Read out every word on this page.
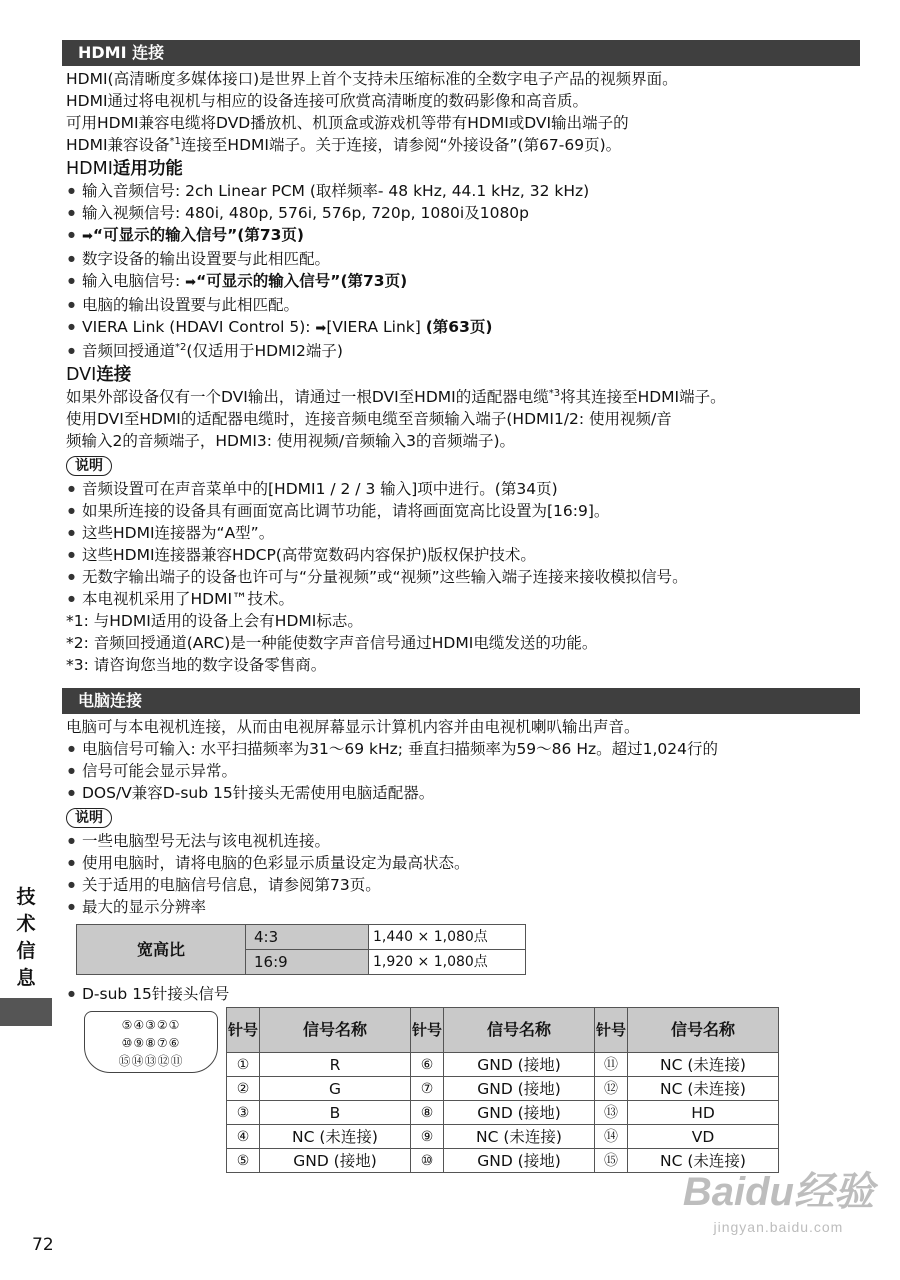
HDMI 连接

HDMI(高清晰度多媒体接口)是世界上首个支持未压缩标准的全数字电子产品的视频界面。

HDMI通过将电视机与相应的设备连接可欣赏高清晰度的数码影像和高音质。

可用HDMI兼容电缆将DVD播放机、机顶盒或游戏机等带有HDMI或DVI输出端子的

HDMI兼容设备$^{*1}$连接至HDMI端子。关于连接，请参阅“外接设备”(第67-69页)。

HDMI适用功能
● 输入音频信号: 2ch Linear PCM (取样频率- 48 kHz, 44.1 kHz, 32 kHz)
● 输入视频信号: 480i, 480p, 576i, 576p, 720p, 1080i及1080p
● ➡“可显示的输入信号”(第73页)
● 数字设备的输出设置要与此相匹配。
● 输入电脑信号: ➡“可显示的输入信号”(第73页)
● 电脑的输出设置要与此相匹配。
● VIERA Link (HDAVI Control 5): ➡[VIERA Link] (第63页)
● 音频回授通道$^{*2}$(仅适用于HDMI2端子)
DVI连接

如果外部设备仅有一个DVI输出，请通过一根DVI至HDMI的适配器电缆$^{*3}$将其连接至HDMI端子。

使用DVI至HDMI的适配器电缆时，连接音频电缆至音频输入端子(HDMI1/2: 使用视频/音

频输入2的音频端子，HDMI3: 使用视频/音频输入3的音频端子)。

说明
● 音频设置可在声音菜单中的[HDMI1 / 2 / 3 输入]项中进行。(第34页)
● 如果所连接的设备具有画面宽高比调节功能，请将画面宽高比设置为[16:9]。
● 这些HDMI连接器为“A型”。
● 这些HDMI连接器兼容HDCP(高带宽数码内容保护)版权保护技术。
● 无数字输出端子的设备也许可与“分量视频”或“视频”这些输入端子连接来接收模拟信号。
● 本电视机采用了HDMI™技术。
*1: 与HDMI适用的设备上会有HDMI标志。
*2: 音频回授通道(ARC)是一种能使数字声音信号通过HDMI电缆发送的功能。
*3: 请咨询您当地的数字设备零售商。
电脑连接

电脑可与本电视机连接，从而由电视屏幕显示计算机内容并由电视机喇叭输出声音。

● 电脑信号可输入: 水平扫描频率为31～69 kHz; 垂直扫描频率为59～86 Hz。超过1,024行的
● 信号可能会显示异常。
● DOS/V兼容D-sub 15针接头无需使用电脑适配器。
说明
● 一些电脑型号无法与该电视机连接。
● 使用电脑时，请将电脑的色彩显示质量设定为最高状态。
● 关于适用的电脑信号信息，请参阅第73页。
● 最大的显示分辨率
宽高比	4:3	1,440 × 1,080点
	16:9	1,920 × 1,080点
● D-sub 15针接头信号
⑤④③②①
⑩⑨⑧⑦⑥
⑮⑭⑬⑫⑪
针号	信号名称	针号	信号名称	针号	信号名称
①	R	⑥	GND (接地)	⑪	NC (未连接)
②	G	⑦	GND (接地)	⑫	NC (未连接)
③	B	⑧	GND (接地)	⑬	HD
④	NC (未连接)	⑨	NC (未连接)	⑭	VD
⑤	GND (接地)	⑩	GND (接地)	⑮	NC (未连接)
技
术
信
息
72
Baidu经验
jingyan.baidu.com
